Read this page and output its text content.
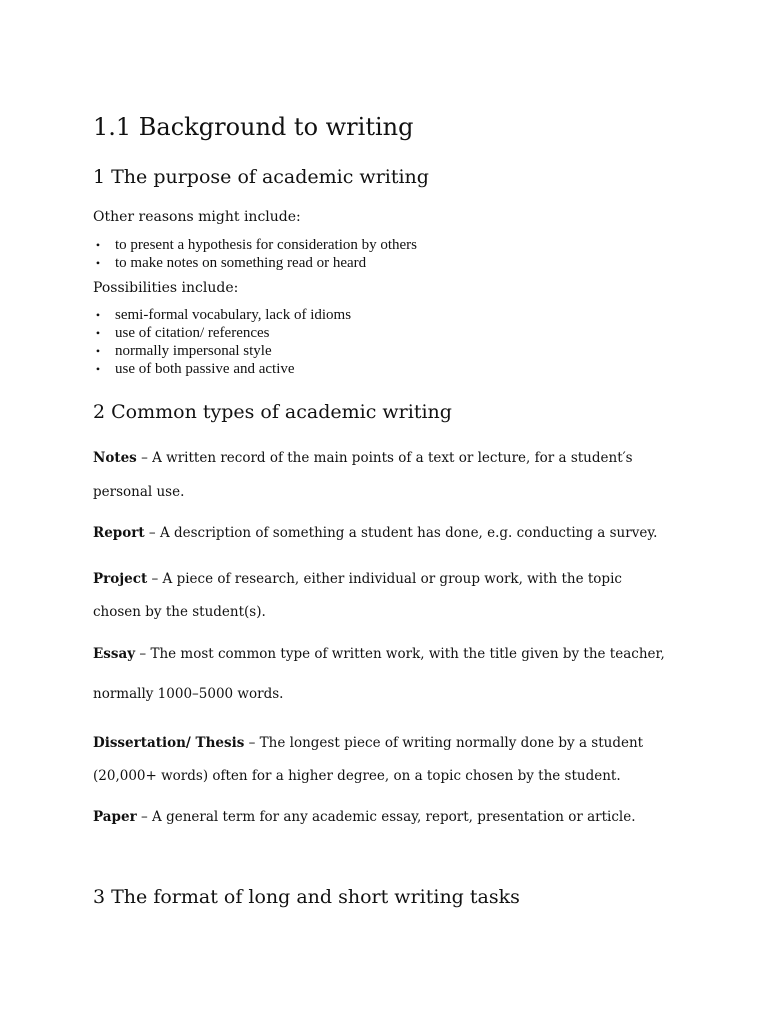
1.1 Background to writing
1 The purpose of academic writing
Other reasons might include:
• to present a hypothesis for consideration by others
• to make notes on something read or heard
Possibilities include:
• semi-formal vocabulary, lack of idioms
• use of citation/ references
• normally impersonal style
• use of both passive and active
2 Common types of academic writing
Notes – A written record of the main points of a text or lecture, for a student′s
personal use.
Report – A description of something a student has done, e.g. conducting a survey.
Project – A piece of research, either individual or group work, with the topic
chosen by the student(s).
Essay – The most common type of written work, with the title given by the teacher,
normally 1000–5000 words.
Dissertation/ Thesis – The longest piece of writing normally done by a student
(20,000+ words) often for a higher degree, on a topic chosen by the student.
Paper – A general term for any academic essay, report, presentation or article.
3 The format of long and short writing tasks
